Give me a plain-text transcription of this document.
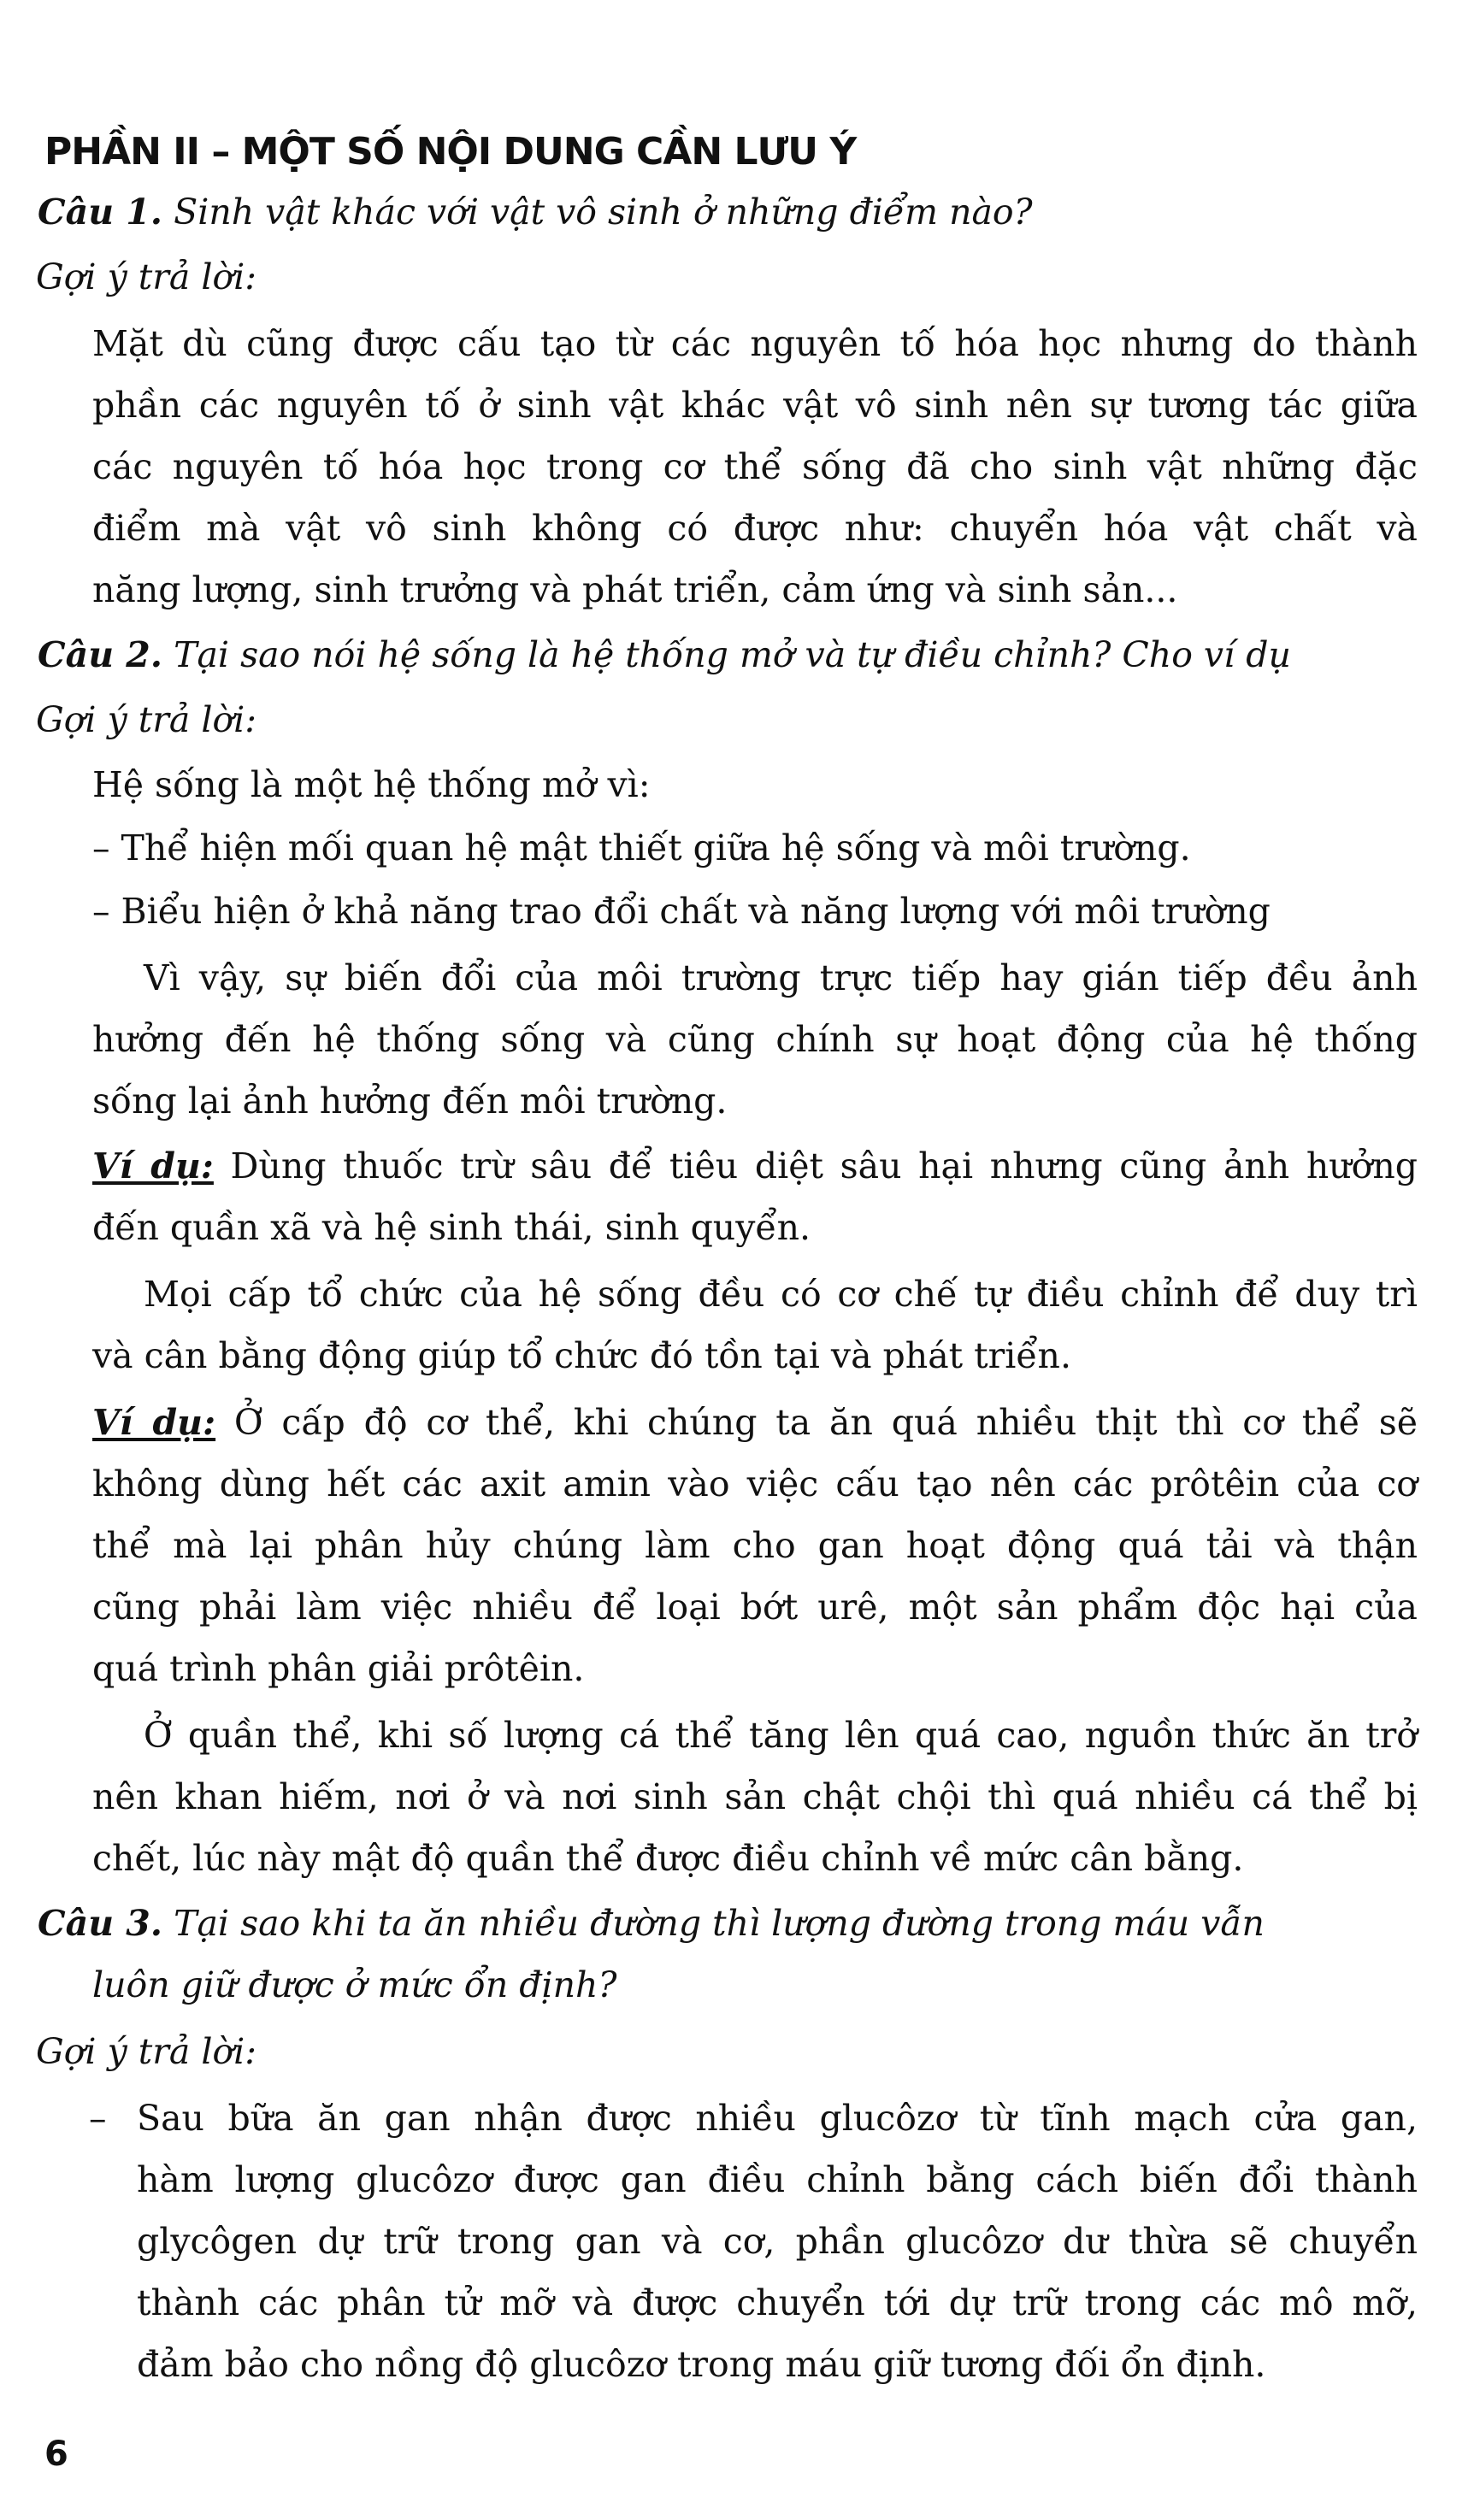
PHẦN II – MỘT SỐ NỘI DUNG CẦN LƯU Ý
Câu 1. Sinh vật khác với vật vô sinh ở những điểm nào?
Gợi ý trả lời:
Mặt dù cũng được cấu tạo từ các nguyên tố hóa học nhưng do thành
phần các nguyên tố ở sinh vật khác vật vô sinh nên sự tương tác giữa
các nguyên tố hóa học trong cơ thể sống đã cho sinh vật những đặc
điểm mà vật vô sinh không có được như: chuyển hóa vật chất và
năng lượng, sinh trưởng và phát triển, cảm ứng và sinh sản...
Câu 2. Tại sao nói hệ sống là hệ thống mở và tự điều chỉnh? Cho ví dụ
Gợi ý trả lời:
Hệ sống là một hệ thống mở vì:
– Thể hiện mối quan hệ mật thiết giữa hệ sống và môi trường.
– Biểu hiện ở khả năng trao đổi chất và năng lượng với môi trường
Vì vậy, sự biến đổi của môi trường trực tiếp hay gián tiếp đều ảnh
hưởng đến hệ thống sống và cũng chính sự hoạt động của hệ thống
sống lại ảnh hưởng đến môi trường.
Ví dụ: Dùng thuốc trừ sâu để tiêu diệt sâu hại nhưng cũng ảnh hưởng
đến quần xã và hệ sinh thái, sinh quyển.
Mọi cấp tổ chức của hệ sống đều có cơ chế tự điều chỉnh để duy trì
và cân bằng động giúp tổ chức đó tồn tại và phát triển.
Ví dụ: Ở cấp độ cơ thể, khi chúng ta ăn quá nhiều thịt thì cơ thể sẽ
không dùng hết các axit amin vào việc cấu tạo nên các prôtêin của cơ
thể mà lại phân hủy chúng làm cho gan hoạt động quá tải và thận
cũng phải làm việc nhiều để loại bớt urê, một sản phẩm độc hại của
quá trình phân giải prôtêin.
Ở quần thể, khi số lượng cá thể tăng lên quá cao, nguồn thức ăn trở
nên khan hiếm, nơi ở và nơi sinh sản chật chội thì quá nhiều cá thể bị
chết, lúc này mật độ quần thể được điều chỉnh về mức cân bằng.
Câu 3. Tại sao khi ta ăn nhiều đường thì lượng đường trong máu vẫn
luôn giữ được ở mức ổn định?
Gợi ý trả lời:
– Sau bữa ăn gan nhận được nhiều glucôzơ từ tĩnh mạch cửa gan,
hàm lượng glucôzơ được gan điều chỉnh bằng cách biến đổi thành
glycôgen dự trữ trong gan và cơ, phần glucôzơ dư thừa sẽ chuyển
thành các phân tử mỡ và được chuyển tới dự trữ trong các mô mỡ,
đảm bảo cho nồng độ glucôzơ trong máu giữ tương đối ổn định.
6
